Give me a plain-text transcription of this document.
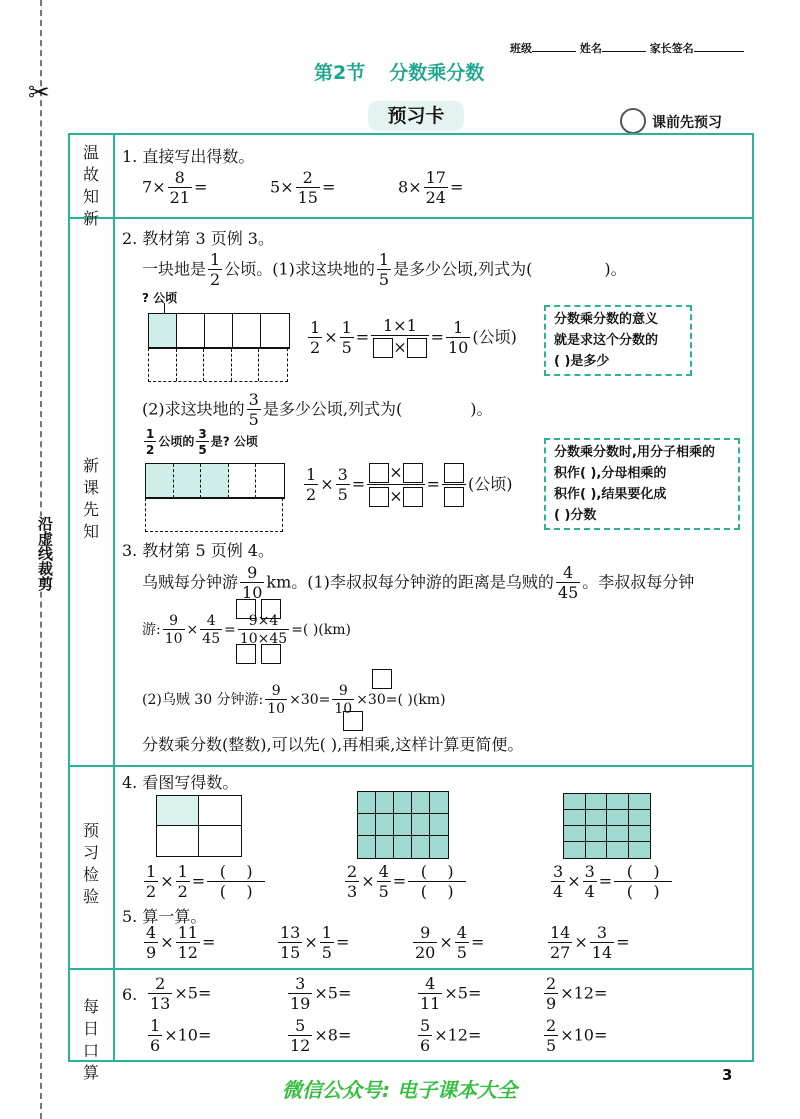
✂
沿虚线裁剪
班级	姓名	家长签名
第2节 分数乘分数
预习卡	课前先预习
温故知新
新课先知
预习检验
每日口算
1. 直接写出得数。
$7\times \frac{8}{21}$ =	$5\times \frac{2}{15}$ =	$8\times \frac{17}{24}$ =
2. 教材第 3 页例 3。
一块地是 $\frac{1}{2}$ 公顷。(1)求这块地的 $\frac{1}{5}$ 是多少公顷,列式为(	)。
? 公顷
$\frac{1}{2} \times \frac{1}{5} = \frac{1\times 1}{\times} = \frac{1}{10}$ (公顷)
分数乘分数的意义
就是求这个分数的
( )是多少
(2)求这块地的 $\frac{3}{5}$ 是多少公顷,列式为(	)。
$\frac{1}{2}$ 公顷的 $\frac{3}{5}$ 是? 公顷
$\frac{1}{2} \times \frac{3}{5} = \frac{\times}{\times}$ = (公顷)
分数乘分数时,用分子相乘的
积作( ),分母相乘的
积作( ),结果要化成
( )分数
3. 教材第 5 页例 4。
乌贼每分钟游 $\frac{9}{10}$ km。(1)李叔叔每分钟游的距离是乌贼的 $\frac{4}{45}$ 。李叔叔每分钟
游: $\frac{9}{10} \times \frac{4}{45} = \frac{9\times 4}{10\times 45}$ =( )(km)

(2)乌贼 30 分钟游: $\frac{9}{10} \times 30= \frac{9}{10} \times 30=$( )(km)
分数乘分数(整数),可以先( ),再相乘,这样计算更简便。
4. 看图写得数。
$\frac{1}{2} \times \frac{1}{2} = \frac{( )}{( )}$	$\frac{2}{3} \times \frac{4}{5} = \frac{( )}{( )}$	$\frac{3}{4} \times \frac{3}{4} = \frac{( )}{( )}$
5. 算一算。
$\frac{4}{9} \times \frac{11}{12}$ =	$\frac{13}{15} \times \frac{1}{5}$ =	$\frac{9}{20} \times \frac{4}{5}$ =	$\frac{14}{27} \times \frac{3}{14}$ =
6. $\frac{2}{13} \times 5=$	$\frac{3}{19} \times 5=$	$\frac{4}{11} \times 5=$	$\frac{2}{9} \times 12=$
$\frac{1}{6} \times 10=$	$\frac{5}{12} \times 8=$	$\frac{5}{6} \times 12=$	$\frac{2}{5} \times 10=$
微信公众号: 电子课本大全
3
